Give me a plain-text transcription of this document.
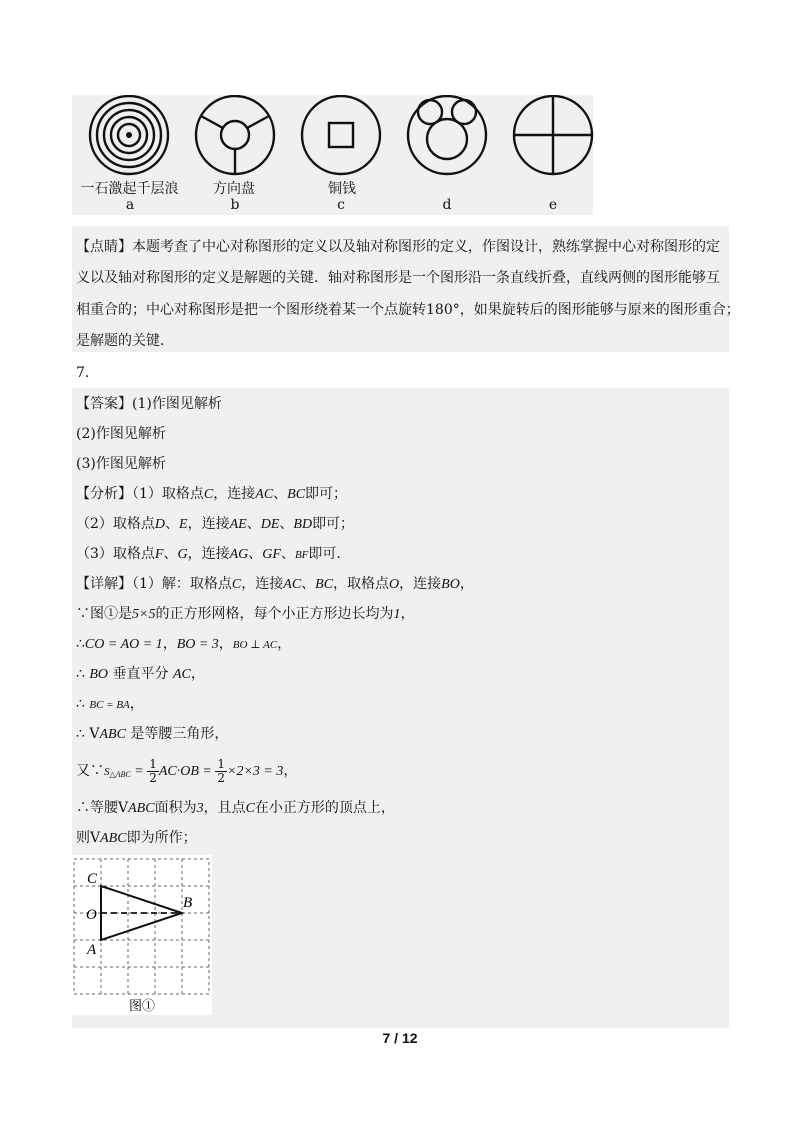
一石激起千层浪	方向盘	铜钱
a	b	c	d	e
【点睛】本题考查了中心对称图形的定义以及轴对称图形的定义，作图设计，熟练掌握中心对称图形的定
义以及轴对称图形的定义是解题的关键．轴对称图形是一个图形沿一条直线折叠，直线两侧的图形能够互
相重合的；中心对称图形是把一个图形绕着某一个点旋转180°，如果旋转后的图形能够与原来的图形重合；
是解题的关键．
7．
【答案】(1)作图见解析
(2)作图见解析
(3)作图见解析
【分析】（1）取格点C，连接AC、BC即可；
（2）取格点D、E，连接AE、DE、BD即可；
（3）取格点F、G，连接AG、GF、BF即可.
【详解】（1）解：取格点C，连接AC、BC，取格点O，连接BO，
∵图①是5×5的正方形网格，每个小正方形边长均为1，
∴CO = AO = 1，BO = 3，BO ⊥ AC，
∴ BO 垂直平分 AC，
∴ BC = BA，
∴ VABC 是等腰三角形，
又∵S△ABC = $\frac{1}{2} AC\cdot OB = \frac{1}{2} \times 2\times 3 = 3$，
∴等腰VABC面积为3，且点C在小正方形的顶点上，
则VABC即为所作；
C
O
A
B
图①
7 / 12
